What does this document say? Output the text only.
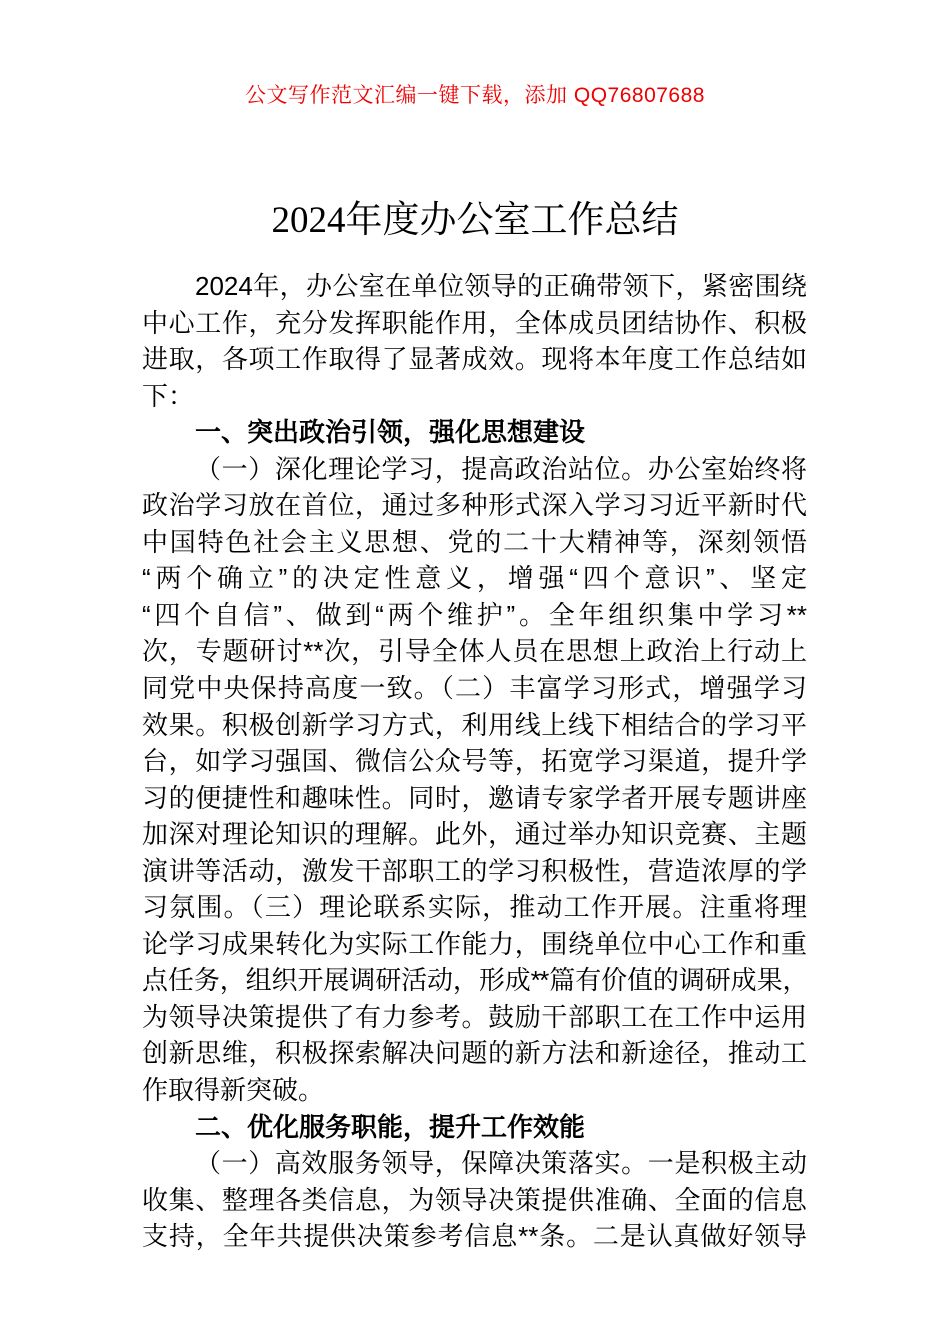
公文写作范文汇编一键下载，添加 QQ76807688
2024年度办公室工作总结
2024年，办公室在单位领导的正确带领下，紧密围绕
中心工作，充分发挥职能作用，全体成员团结协作、积极
进取，各项工作取得了显著成效。现将本年度工作总结如
下：
一、突出政治引领，强化思想建设
（一）深化理论学习，提高政治站位。办公室始终将
政治学习放在首位，通过多种形式深入学习习近平新时代
中国特色社会主义思想、党的二十大精神等，深刻领悟
“两个确立”的决定性意义，增强“四个意识”、坚定
“四个自信”、做到“两个维护”。全年组织集中学习**
次，专题研讨**次，引导全体人员在思想上政治上行动上
同党中央保持高度一致。（二）丰富学习形式，增强学习
效果。积极创新学习方式，利用线上线下相结合的学习平
台，如学习强国、微信公众号等，拓宽学习渠道，提升学
习的便捷性和趣味性。同时，邀请专家学者开展专题讲座
加深对理论知识的理解。此外，通过举办知识竞赛、主题
演讲等活动，激发干部职工的学习积极性，营造浓厚的学
习氛围。（三）理论联系实际，推动工作开展。注重将理
论学习成果转化为实际工作能力，围绕单位中心工作和重
点任务，组织开展调研活动，形成**篇有价值的调研成果，
为领导决策提供了有力参考。鼓励干部职工在工作中运用
创新思维，积极探索解决问题的新方法和新途径，推动工
作取得新突破。
二、优化服务职能，提升工作效能
（一）高效服务领导，保障决策落实。一是积极主动
收集、整理各类信息，为领导决策提供准确、全面的信息
支持，全年共提供决策参考信息**条。二是认真做好领导
